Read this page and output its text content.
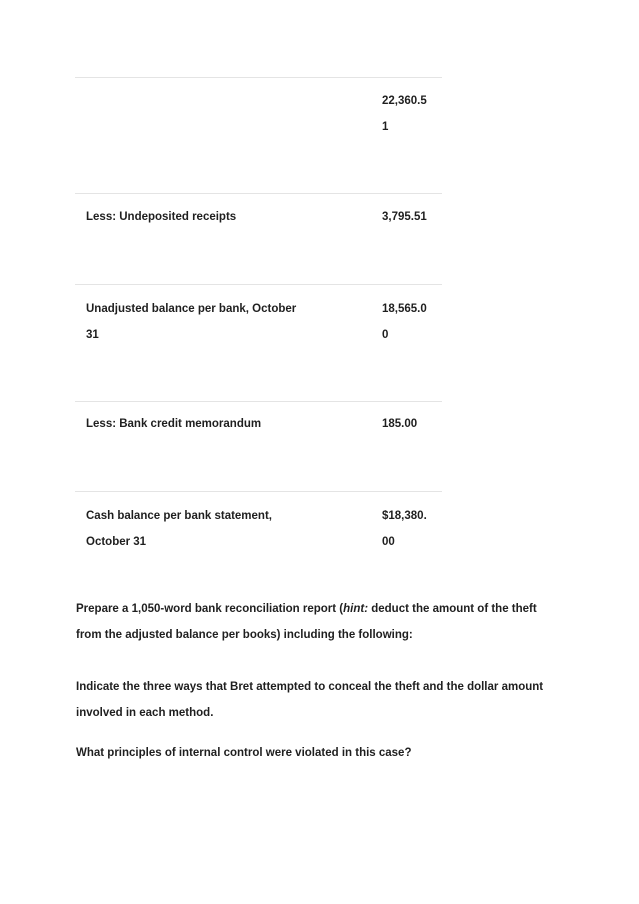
22,360.5
1
Less: Undeposited receipts	3,795.51
Unadjusted balance per bank, October
31
18,565.0
0
Less: Bank credit memorandum	185.00
Cash balance per bank statement,
October 31
$18,380.
00
Prepare a 1,050-word bank reconciliation report (hint: deduct the amount of the theft
from the adjusted balance per books) including the following:
Indicate the three ways that Bret attempted to conceal the theft and the dollar amount
involved in each method.
What principles of internal control were violated in this case?
